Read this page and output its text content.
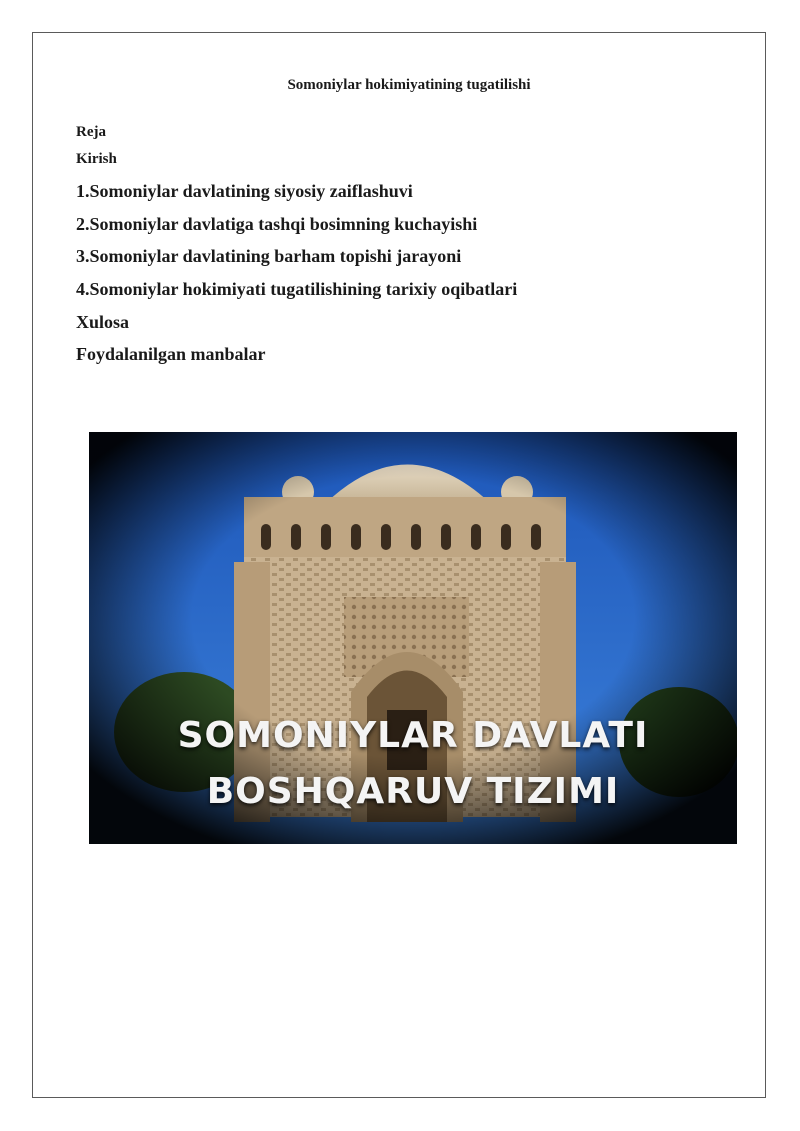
Somoniylar hokimiyatining tugatilishi

Reja

Kirish

1.Somoniylar davlatining siyosiy zaiflashuvi

2.Somoniylar davlatiga tashqi bosimning kuchayishi

3.Somoniylar davlatining barham topishi jarayoni

4.Somoniylar hokimiyati tugatilishining tarixiy oqibatlari

Xulosa

Foydalanilgan manbalar

SOMONIYLAR DAVLATI

BOSHQARUV TIZIMI
